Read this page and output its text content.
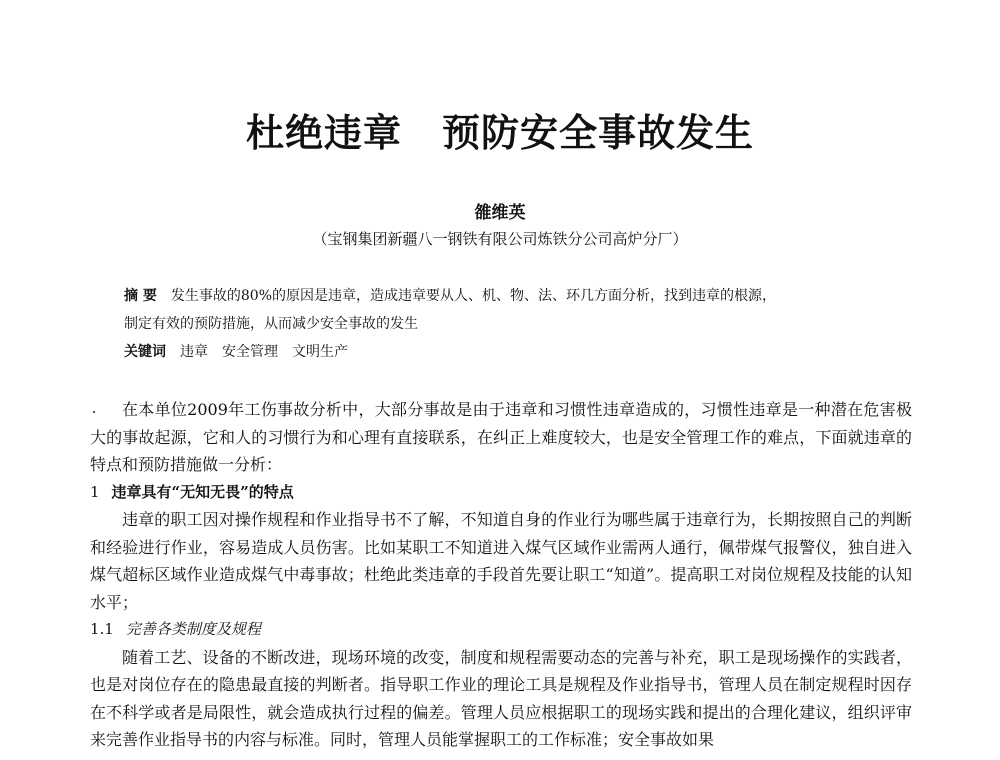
杜绝违章 预防安全事故发生
雒维英
（宝钢集团新疆八一钢铁有限公司炼铁分公司高炉分厂）
摘 要 发生事故的80%的原因是违章，造成违章要从人、机、物、法、环几方面分析，找到违章的根源，
制定有效的预防措施，从而减少安全事故的发生
关键词 违章 安全管理 文明生产

在本单位2009年工伤事故分析中，大部分事故是由于违章和习惯性违章造成的，习惯性违章是一种潜在危害极大的事故起源，它和人的习惯行为和心理有直接联系，在纠正上难度较大，也是安全管理工作的难点，下面就违章的特点和预防措施做一分析：

1 违章具有“无知无畏”的特点

违章的职工因对操作规程和作业指导书不了解，不知道自身的作业行为哪些属于违章行为，长期按照自己的判断和经验进行作业，容易造成人员伤害。比如某职工不知道进入煤气区域作业需两人通行，佩带煤气报警仪，独自进入煤气超标区域作业造成煤气中毒事故；杜绝此类违章的手段首先要让职工“知道”。提高职工对岗位规程及技能的认知水平；

1.1 完善各类制度及规程

随着工艺、设备的不断改进，现场环境的改变，制度和规程需要动态的完善与补充，职工是现场操作的实践者，也是对岗位存在的隐患最直接的判断者。指导职工作业的理论工具是规程及作业指导书，管理人员在制定规程时因存在不科学或者是局限性，就会造成执行过程的偏差。管理人员应根据职工的现场实践和提出的合理化建议，组织评审来完善作业指导书的内容与标准。同时，管理人员能掌握职工的工作标准；安全事故如果
